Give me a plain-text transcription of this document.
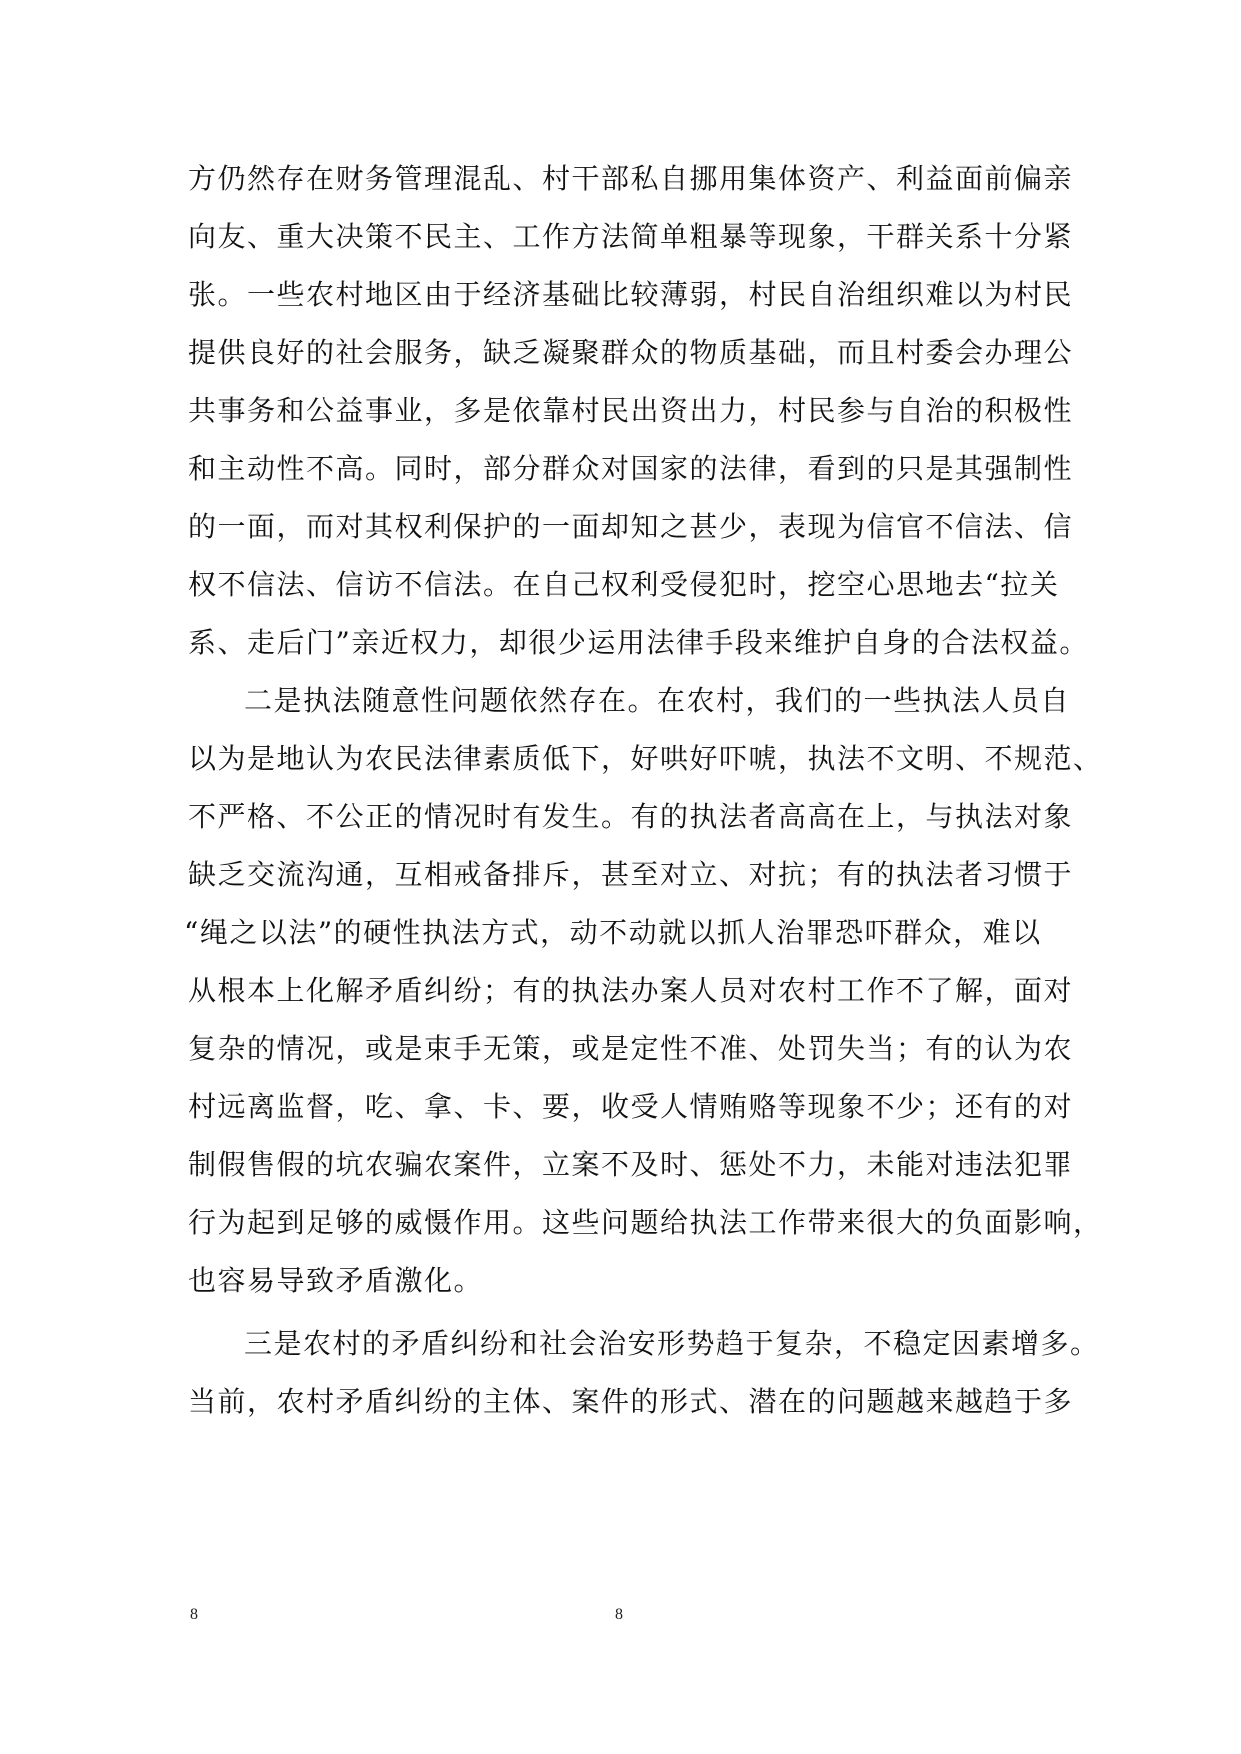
方仍然存在财务管理混乱、村干部私自挪用集体资产、利益面前偏亲
向友、重大决策不民主、工作方法简单粗暴等现象，干群关系十分紧
张。一些农村地区由于经济基础比较薄弱，村民自治组织难以为村民
提供良好的社会服务，缺乏凝聚群众的物质基础，而且村委会办理公
共事务和公益事业，多是依靠村民出资出力，村民参与自治的积极性
和主动性不高。同时，部分群众对国家的法律，看到的只是其强制性
的一面，而对其权利保护的一面却知之甚少，表现为信官不信法、信
权不信法、信访不信法。在自己权利受侵犯时，挖空心思地去“拉关
系、走后门”亲近权力，却很少运用法律手段来维护自身的合法权益。
二是执法随意性问题依然存在。在农村，我们的一些执法人员自
以为是地认为农民法律素质低下，好哄好吓唬，执法不文明、不规范、
不严格、不公正的情况时有发生。有的执法者高高在上，与执法对象
缺乏交流沟通，互相戒备排斥，甚至对立、对抗；有的执法者习惯于
“绳之以法”的硬性执法方式，动不动就以抓人治罪恐吓群众，难以
从根本上化解矛盾纠纷；有的执法办案人员对农村工作不了解，面对
复杂的情况，或是束手无策，或是定性不准、处罚失当；有的认为农
村远离监督，吃、拿、卡、要，收受人情贿赂等现象不少；还有的对
制假售假的坑农骗农案件，立案不及时、惩处不力，未能对违法犯罪
行为起到足够的威慑作用。这些问题给执法工作带来很大的负面影响，
也容易导致矛盾激化。
三是农村的矛盾纠纷和社会治安形势趋于复杂，不稳定因素增多。
当前，农村矛盾纠纷的主体、案件的形式、潜在的问题越来越趋于多
8	8
